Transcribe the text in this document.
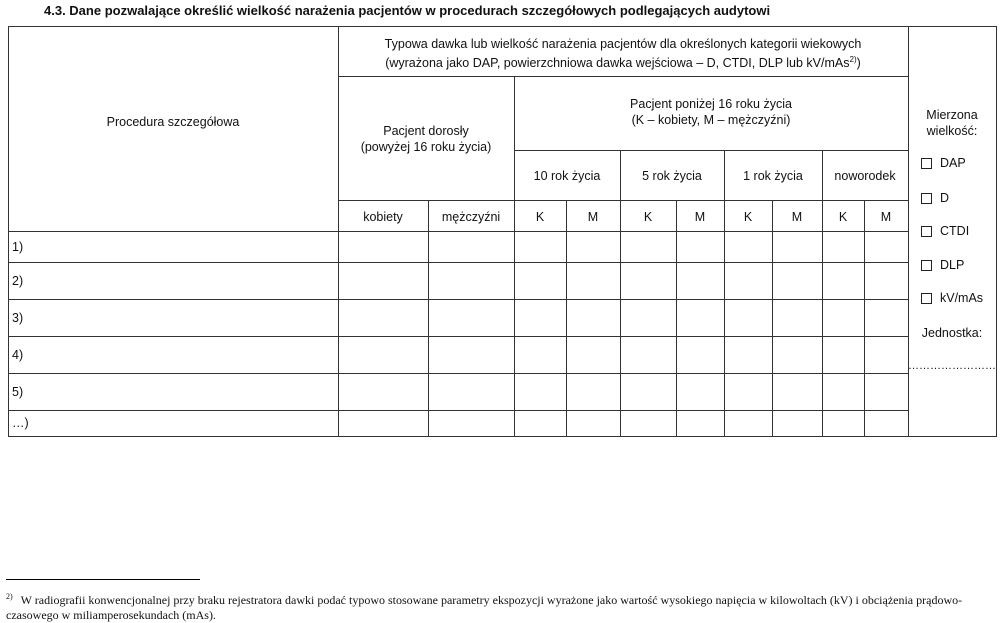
4.3. Dane pozwalające określić wielkość narażenia pacjentów w procedurach szczegółowych podlegających audytowi
Procedura szczegółowa
Typowa dawka lub wielkość narażenia pacjentów dla określonych kategorii wiekowych
(wyrażona jako DAP, powierzchniowa dawka wejściowa – D, CTDI, DLP lub kV/mAs$^{2)}$)
Pacjent dorosły
(powyżej 16 roku życia)
Pacjent poniżej 16 roku życia
(K – kobiety, M – mężczyźni)
10 rok życia	5 rok życia	1 rok życia	noworodek
kobiety	mężczyźni	K	M	K	M	K	M	K	M
Mierzona
wielkość:
DAP
D
CTDI
DLP
kV/mAs
Jednostka:
……………………
1)
2)
3)
4)
5)
…)
$^{2)}$ W radiografii konwencjonalnej przy braku rejestratora dawki podać typowo stosowane parametry ekspozycji wyrażone jako wartość wysokiego napięcia w kilowoltach (kV) i obciążenia prądowo-czasowego w miliamperosekundach (mAs).
